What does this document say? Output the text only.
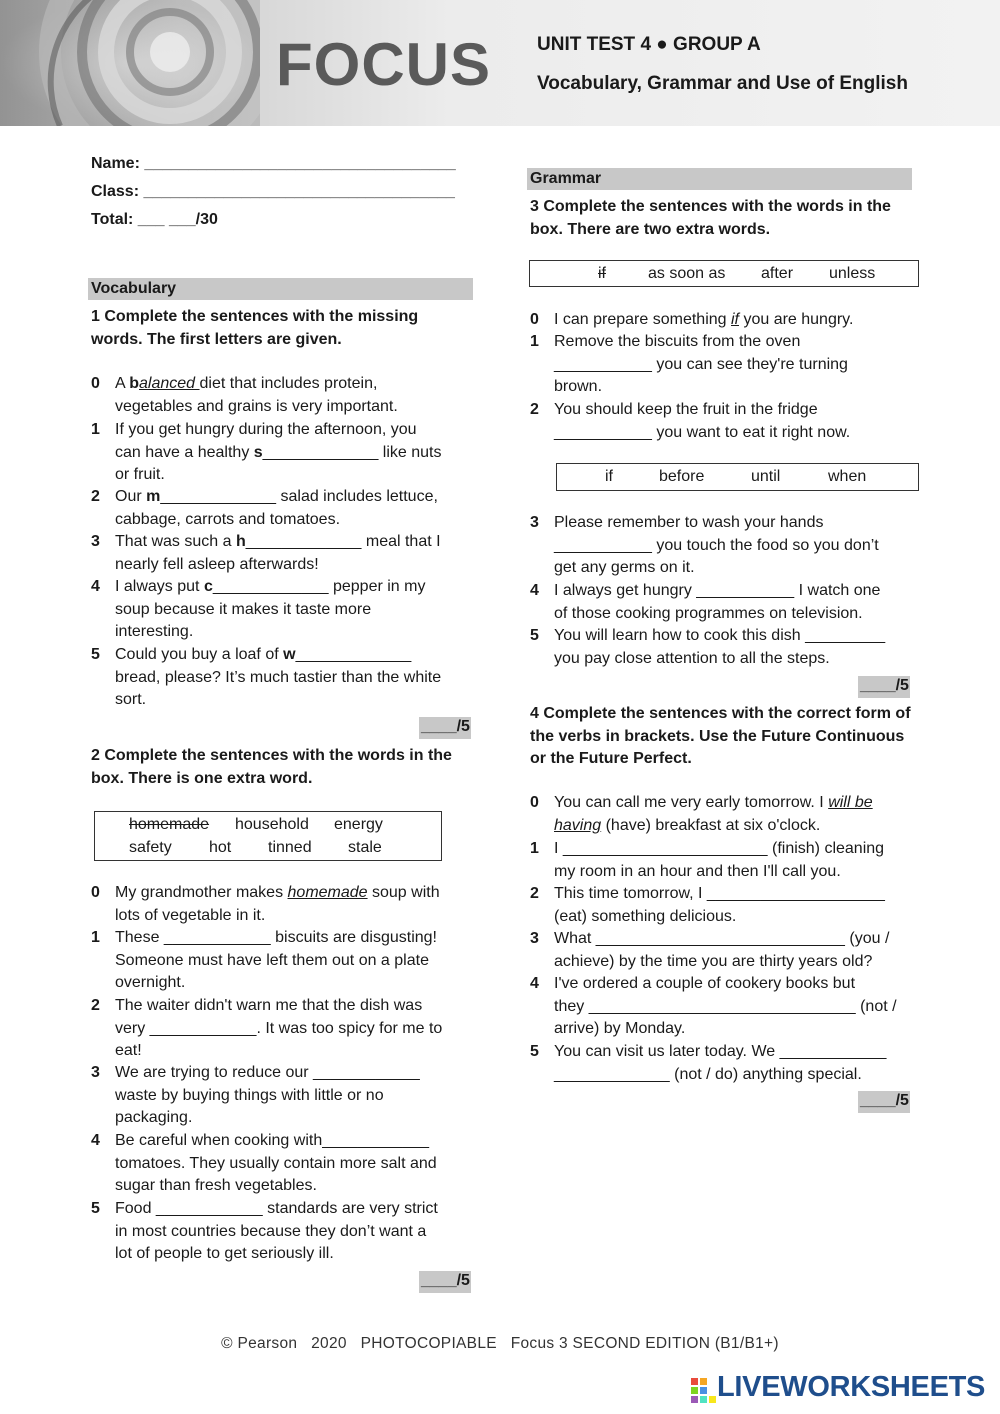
FOCUS UNIT TEST 4 ● GROUP A
Vocabulary, Grammar and Use of English
Name: ___________________________________
Class: ___________________________________
Total: ___ ___/30
Vocabulary
1 Complete the sentences with the missing words. The first letters are given.
0 A balanced diet that includes protein,
vegetables and grains is very important.
1 If you get hungry during the afternoon, you
can have a healthy s_____________ like nuts
or fruit.
2 Our m_____________ salad includes lettuce,
cabbage, carrots and tomatoes.
3 That was such a h_____________ meal that I
nearly fell asleep afterwards!
4 I always put c_____________ pepper in my
soup because it makes it taste more
interesting.
5 Could you buy a loaf of w_____________
bread, please? It’s much tastier than the white
sort.
____/5
2 Complete the sentences with the words in the box. There is one extra word.
homemade household energy
safety hot tinned stale
0 My grandmother makes homemade soup with
lots of vegetable in it.
1 These ____________ biscuits are disgusting!
Someone must have left them out on a plate
overnight.
2 The waiter didn't warn me that the dish was
very ____________. It was too spicy for me to
eat!
3 We are trying to reduce our ____________
waste by buying things with little or no
packaging.
4 Be careful when cooking with____________
tomatoes. They usually contain more salt and
sugar than fresh vegetables.
5 Food ____________ standards are very strict
in most countries because they don’t want a
lot of people to get seriously ill.
____/5
Grammar
3 Complete the sentences with the words in the box. There are two extra words.
if	as soon as after unless
0 I can prepare something if you are hungry.
1 Remove the biscuits from the oven
___________ you can see they're turning
brown.
2 You should keep the fruit in the fridge
___________ you want to eat it right now.
if	before	until	when
3 Please remember to wash your hands
___________ you touch the food so you don’t
get any germs on it.
4 I always get hungry ___________ I watch one
of those cooking programmes on television.
5 You will learn how to cook this dish _________
you pay close attention to all the steps.
____/5
4 Complete the sentences with the correct form of the verbs in brackets. Use the Future Continuous or the Future Perfect.
0 You can call me very early tomorrow. I will be
having (have) breakfast at six o'clock.
1 I _______________________ (finish) cleaning
my room in an hour and then I'll call you.
2 This time tomorrow, I ____________________
(eat) something delicious.
3 What ____________________________ (you /
achieve) by the time you are thirty years old?
4 I've ordered a couple of cookery books but
they ______________________________ (not /
arrive) by Monday.
5 You can visit us later today. We ____________
_____________ (not / do) anything special.
____/5
© Pearson   2020   PHOTOCOPIABLE   Focus 3 SECOND EDITION (B1/B1+)
LIVEWORKSHEETS
